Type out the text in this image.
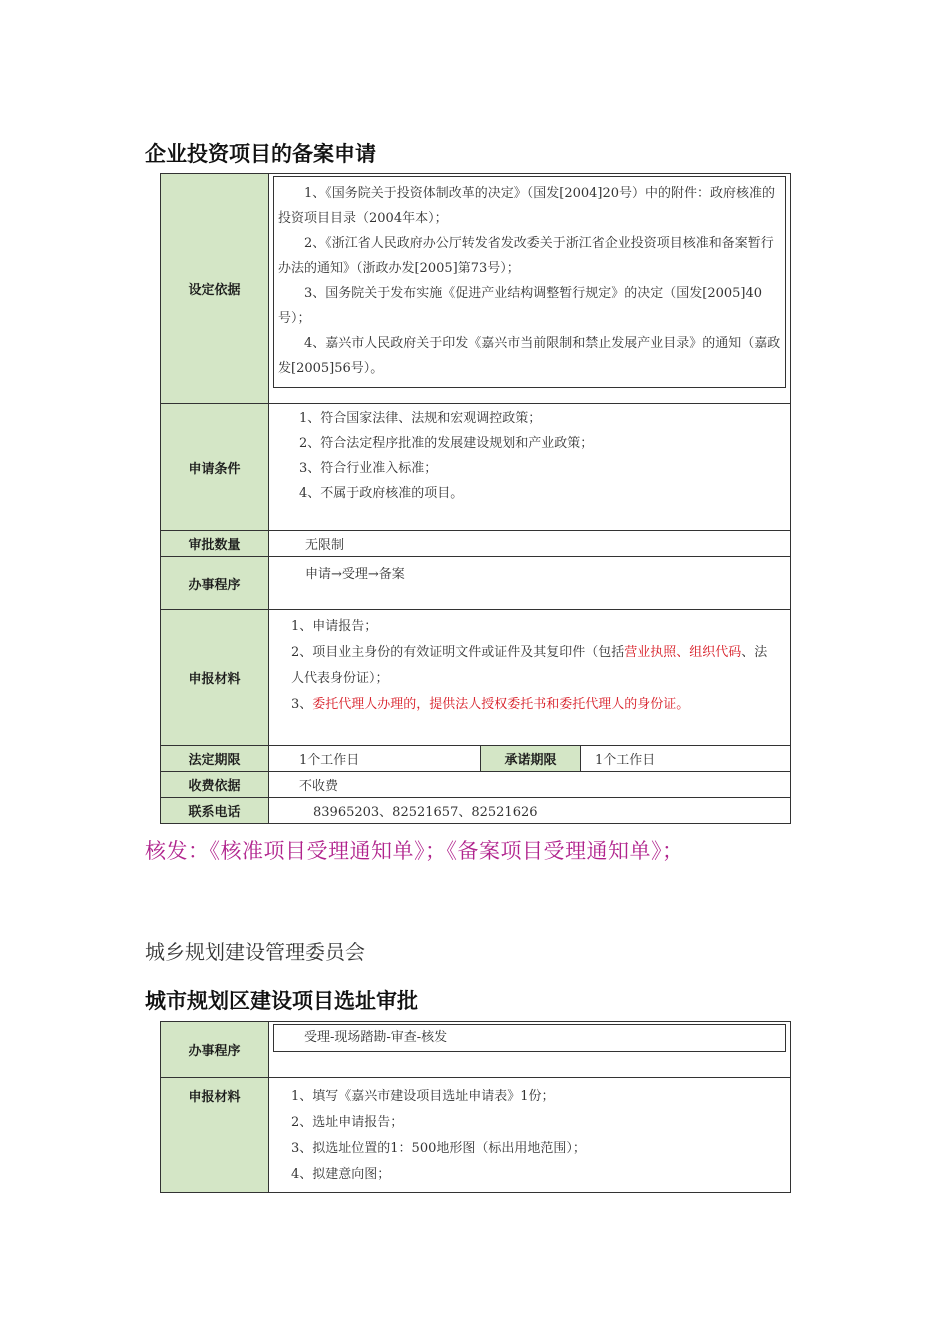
企业投资项目的备案申请
设定依据	　　1、《国务院关于投资体制改革的决定》（国发[2004]20号）中的附件：政府核准的投资项目目录（2004年本）；

　　2、《浙江省人民政府办公厅转发省发改委关于浙江省企业投资项目核准和备案暂行办法的通知》（浙政办发[2005]第73号）；

　　3、国务院关于发布实施《促进产业结构调整暂行规定》的决定（国发[2005]40号）；

　　4、嘉兴市人民政府关于印发《嘉兴市当前限制和禁止发展产业目录》的通知（嘉政发[2005]56号）。		

申请条件	1、符合国家法律、法规和宏观调控政策；

2、符合法定程序批准的发展建设规划和产业政策；

3、符合行业准入标准；

4、不属于政府核准的项目。		

审批数量	无限制		
办事程序	申请→受理→备案		
申报材料	1、申请报告；

2、项目业主身份的有效证明文件或证件及其复印件（包括营业执照、组织代码、法人代表身份证）；

3、委托代理人办理的，提供法人授权委托书和委托代理人的身份证。		

法定期限	1个工作日	承诺期限	1个工作日
收费依据	不收费		
联系电话	83965203、82521657、82521626		
核发：《核准项目受理通知单》；《备案项目受理通知单》；
城乡规划建设管理委员会
城市规划区建设项目选址审批
办事程序	受理-现场踏勘-审查-核发

申报材料	1、填写《嘉兴市建设项目选址申请表》1份；

2、选址申请报告；

3、拟选址位置的1：500地形图（标出用地范围）；

4、拟建意向图；
